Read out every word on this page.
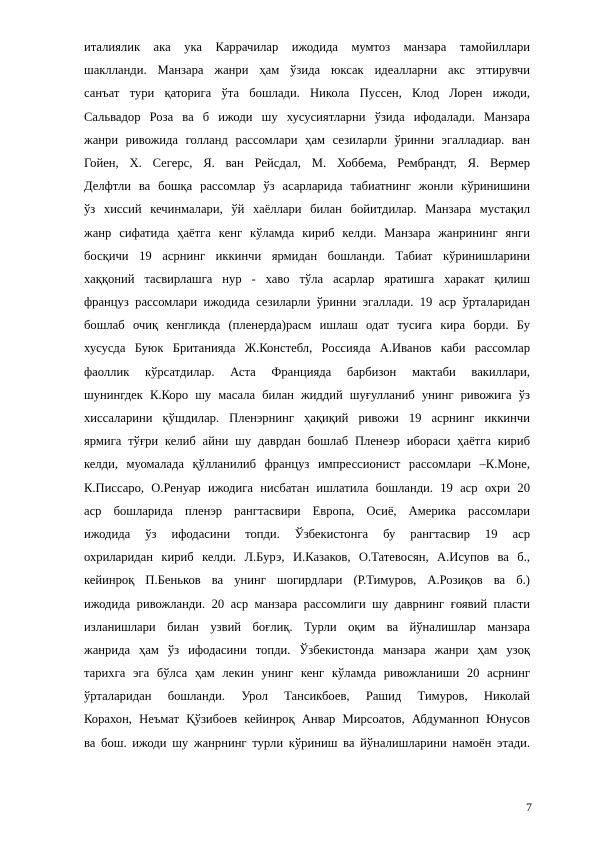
италиялик ака ука Каррачилар ижодида мумтоз манзара тамойиллари
шаклланди. Манзара жанри ҳам ўзида юксак идеалларни акс эттирувчи
санъат тури қаторига ўта бошлади. Никола Пуссен, Клод Лорен ижоди,
Сальвадор Роза ва б ижоди шу хусусиятларни ўзида ифодалади. Манзара
жанри ривожида голланд рассомлари ҳам сезиларли ўринни эгалладиар. ван
Гойен, Х. Сегерс, Я. ван Рейсдал, М. Хоббема, Рембрандт, Я. Вермер
Делфтли ва бошқа рассомлар ўз асарларида табиатнинг жонли кўринишини
ўз хиссий кечинмалари, ўй хаёллари билан бойитдилар. Манзара мустақил
жанр сифатида ҳаётга кенг кўламда кириб келди. Манзара жанрининг янги
босқичи 19 асрнинг иккинчи ярмидан бошланди. Табиат кўринишларини
хаққоний тасвирлашга нур - хаво тўла асарлар яратишга харакат қилиш
француз рассомлари ижодида сезиларли ўринни эгаллади. 19 аср ўрталаридан
бошлаб очиқ кенгликда (пленерда)расм ишлаш одат тусига кира борди. Бу
хусусда Буюк Британияда Ж.Констебл, Россияда А.Иванов каби рассомлар
фаоллик кўрсатдилар. Аста Францияда барбизон мактаби вакиллари,
шунингдек К.Коро шу масала билан жиддий шуғулланиб унинг ривожига ўз
хиссаларини қўшдилар. Пленэрнинг ҳақиқий ривожи 19 асрнинг иккинчи
ярмига тўғри келиб айни шу даврдан бошлаб Пленеэр ибораси ҳаётга кириб
келди, муомалада қўлланилиб француз импрессионист рассомлари –К.Моне,
К.Писсаро, О.Ренуар ижодига нисбатан ишлатила бошланди. 19 аср охри 20
аср бошларида пленэр рангтасвири Европа, Осиё, Америка рассомлари
ижодида ўз ифодасини топди. Ўзбекистонга бу рангтасвир 19 аср
охриларидан кириб келди. Л.Бурэ, И.Казаков, О.Татевосян, А.Исупов ва б.,
кейинроқ П.Беньков ва унинг шогирдлари (Р.Тимуров, А.Розиқов ва б.)
ижодида ривожланди. 20 аср манзара рассомлиги шу даврнинг ғоявий пласти
изланишлари билан узвий боғлиқ. Турли оқим ва йўналишлар манзара
жанрида ҳам ўз ифодасини топди. Ўзбекистонда манзара жанри ҳам узоқ
тарихга эга бўлса ҳам лекин унинг кенг кўламда ривожланиши 20 асрнинг
ўрталаридан бошланди. Урол Тансикбоев, Рашид Тимуров, Николай
Корахон, Неъмат Қўзибоев кейинроқ Анвар Мирсоатов, Абдуманноп Юнусов
ва бош. ижоди шу жанрнинг турли кўриниш ва йўналишларини намоён этади.
7
